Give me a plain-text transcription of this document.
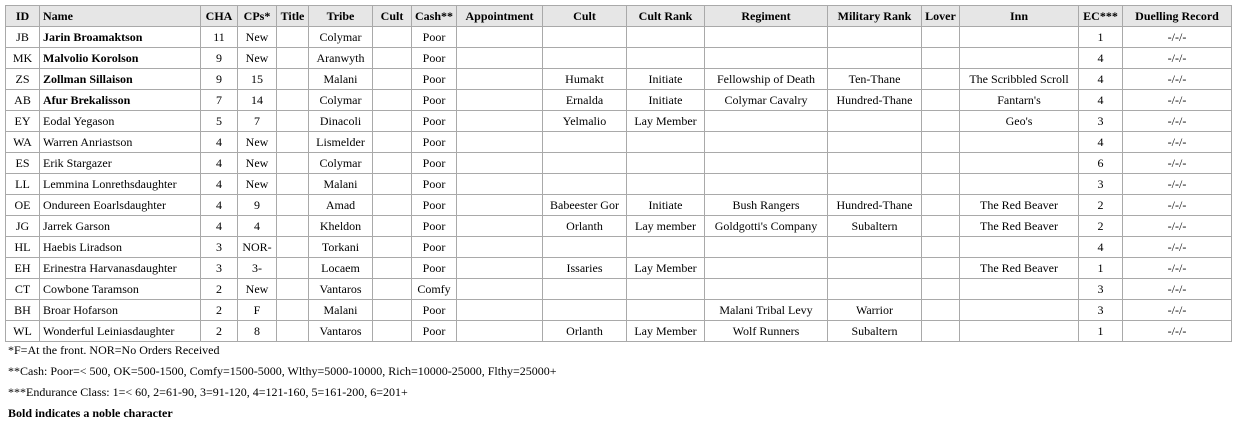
ID	Name	CHA	CPs*	Title	Tribe	Cult	Cash**	Appointment	Cult	Cult Rank	Regiment	Military Rank	Lover	Inn	EC***	Duelling Record
JB	Jarin Broamaktson	11	New		Colymar		Poor								1	-/-/-
MK	Malvolio Korolson	9	New		Aranwyth		Poor								4	-/-/-
ZS	Zollman Sillaison	9	15		Malani		Poor		Humakt	Initiate	Fellowship of Death	Ten-Thane		The Scribbled Scroll	4	-/-/-
AB	Afur Brekalisson	7	14		Colymar		Poor		Ernalda	Initiate	Colymar Cavalry	Hundred-Thane		Fantarn's	4	-/-/-
EY	Eodal Yegason	5	7		Dinacoli		Poor		Yelmalio	Lay Member				Geo's	3	-/-/-
WA	Warren Anriastson	4	New		Lismelder		Poor								4	-/-/-
ES	Erik Stargazer	4	New		Colymar		Poor								6	-/-/-
LL	Lemmina Lonrethsdaughter	4	New		Malani		Poor								3	-/-/-
OE	Ondureen Eoarlsdaughter	4	9		Amad		Poor		Babeester Gor	Initiate	Bush Rangers	Hundred-Thane		The Red Beaver	2	-/-/-
JG	Jarrek Garson	4	4		Kheldon		Poor		Orlanth	Lay member	Goldgotti's Company	Subaltern		The Red Beaver	2	-/-/-
HL	Haebis Liradson	3	NOR-		Torkani		Poor								4	-/-/-
EH	Erinestra Harvanasdaughter	3	3-		Locaem		Poor		Issaries	Lay Member				The Red Beaver	1	-/-/-
CT	Cowbone Taramson	2	New		Vantaros		Comfy								3	-/-/-
BH	Broar Hofarson	2	F		Malani		Poor				Malani Tribal Levy	Warrior			3	-/-/-
WL	Wonderful Leiniasdaughter	2	8		Vantaros		Poor		Orlanth	Lay Member	Wolf Runners	Subaltern			1	-/-/-
*F=At the front. NOR=No Orders Received
**Cash: Poor=< 500, OK=500-1500, Comfy=1500-5000, Wlthy=5000-10000, Rich=10000-25000, Flthy=25000+
***Endurance Class: 1=< 60, 2=61-90, 3=91-120, 4=121-160, 5=161-200, 6=201+
Bold indicates a noble character
